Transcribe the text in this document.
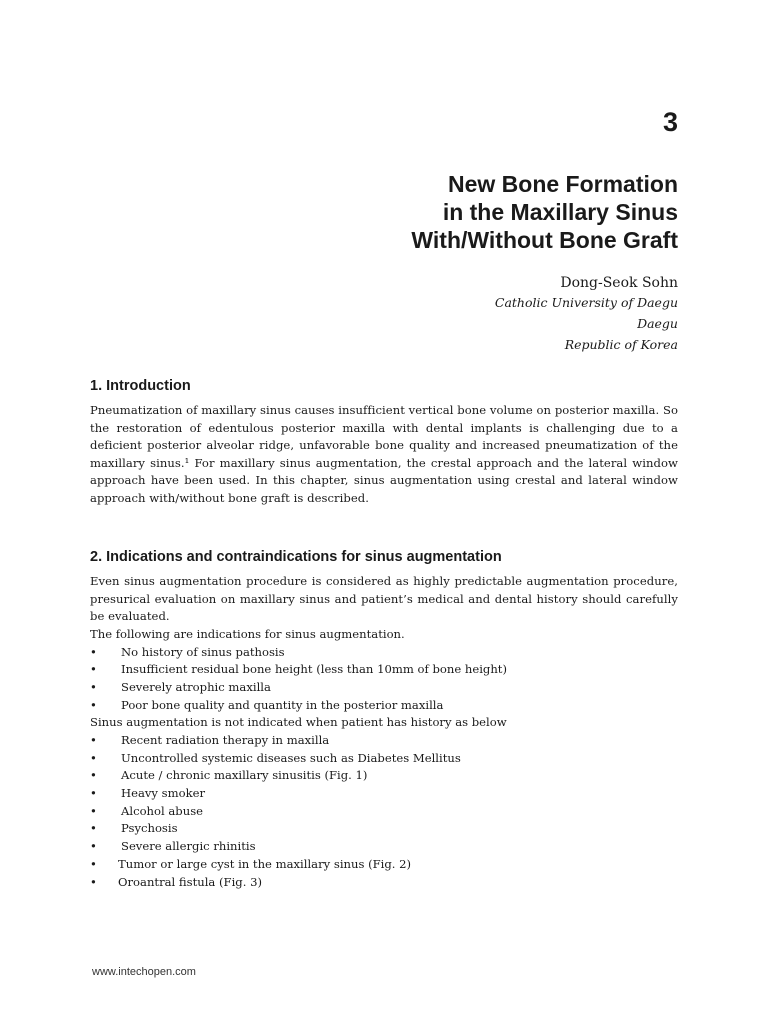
3
New Bone Formation
in the Maxillary Sinus
With/Without Bone Graft

Dong-Seok Sohn

Catholic University of Daegu
Daegu
Republic of Korea

1. Introduction

Pneumatization of maxillary sinus causes insufficient vertical bone volume on posterior maxilla. So the restoration of edentulous posterior maxilla with dental implants is challenging due to a deficient posterior alveolar ridge, unfavorable bone quality and increased pneumatization of the maxillary sinus.¹ For maxillary sinus augmentation, the crestal approach and the lateral window approach have been used. In this chapter, sinus augmentation using crestal and lateral window approach with/without bone graft is described.

2. Indications and contraindications for sinus augmentation

Even sinus augmentation procedure is considered as highly predictable augmentation procedure, presurical evaluation on maxillary sinus and patient’s medical and dental history should carefully be evaluated.

The following are indications for sinus augmentation.

• No history of sinus pathosis
• Insufficient residual bone height (less than 10mm of bone height)
• Severely atrophic maxilla
• Poor bone quality and quantity in the posterior maxilla

Sinus augmentation is not indicated when patient has history as below

• Recent radiation therapy in maxilla
• Uncontrolled systemic diseases such as Diabetes Mellitus
• Acute / chronic maxillary sinusitis (Fig. 1)
• Heavy smoker
• Alcohol abuse
• Psychosis
• Severe allergic rhinitis
• Tumor or large cyst in the maxillary sinus (Fig. 2)
• Oroantral fistula (Fig. 3)

www.intechopen.com
